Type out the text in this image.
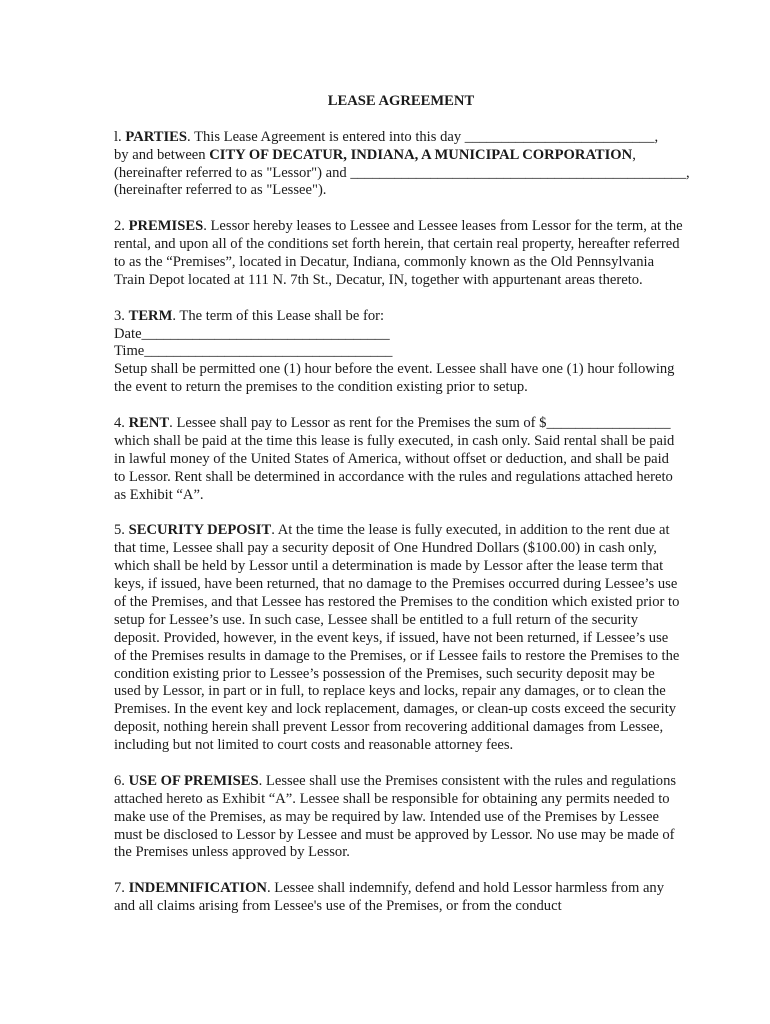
LEASE AGREEMENT
l. PARTIES. This Lease Agreement is entered into this day __________________________,
by and between CITY OF DECATUR, INDIANA, A MUNICIPAL CORPORATION,
(hereinafter referred to as "Lessor") and ______________________________________________,
(hereinafter referred to as "Lessee").
2. PREMISES. Lessor hereby leases to Lessee and Lessee leases from Lessor for the term, at the
rental, and upon all of the conditions set forth herein, that certain real property, hereafter referred
to as the “Premises”, located in Decatur, Indiana, commonly known as the Old Pennsylvania
Train Depot located at 111 N. 7th St., Decatur, IN, together with appurtenant areas thereto.
3. TERM. The term of this Lease shall be for:
Date__________________________________
Time__________________________________
Setup shall be permitted one (1) hour before the event. Lessee shall have one (1) hour following
the event to return the premises to the condition existing prior to setup.
4. RENT. Lessee shall pay to Lessor as rent for the Premises the sum of $_________________
which shall be paid at the time this lease is fully executed, in cash only. Said rental shall be paid
in lawful money of the United States of America, without offset or deduction, and shall be paid
to Lessor. Rent shall be determined in accordance with the rules and regulations attached hereto
as Exhibit “A”.
5. SECURITY DEPOSIT. At the time the lease is fully executed, in addition to the rent due at
that time, Lessee shall pay a security deposit of One Hundred Dollars ($100.00) in cash only,
which shall be held by Lessor until a determination is made by Lessor after the lease term that
keys, if issued, have been returned, that no damage to the Premises occurred during Lessee’s use
of the Premises, and that Lessee has restored the Premises to the condition which existed prior to
setup for Lessee’s use. In such case, Lessee shall be entitled to a full return of the security
deposit. Provided, however, in the event keys, if issued, have not been returned, if Lessee’s use
of the Premises results in damage to the Premises, or if Lessee fails to restore the Premises to the
condition existing prior to Lessee’s possession of the Premises, such security deposit may be
used by Lessor, in part or in full, to replace keys and locks, repair any damages, or to clean the
Premises. In the event key and lock replacement, damages, or clean-up costs exceed the security
deposit, nothing herein shall prevent Lessor from recovering additional damages from Lessee,
including but not limited to court costs and reasonable attorney fees.
6. USE OF PREMISES. Lessee shall use the Premises consistent with the rules and regulations
attached hereto as Exhibit “A”. Lessee shall be responsible for obtaining any permits needed to
make use of the Premises, as may be required by law. Intended use of the Premises by Lessee
must be disclosed to Lessor by Lessee and must be approved by Lessor. No use may be made of
the Premises unless approved by Lessor.
7. INDEMNIFICATION. Lessee shall indemnify, defend and hold Lessor harmless from any
and all claims arising from Lessee's use of the Premises, or from the conduct
